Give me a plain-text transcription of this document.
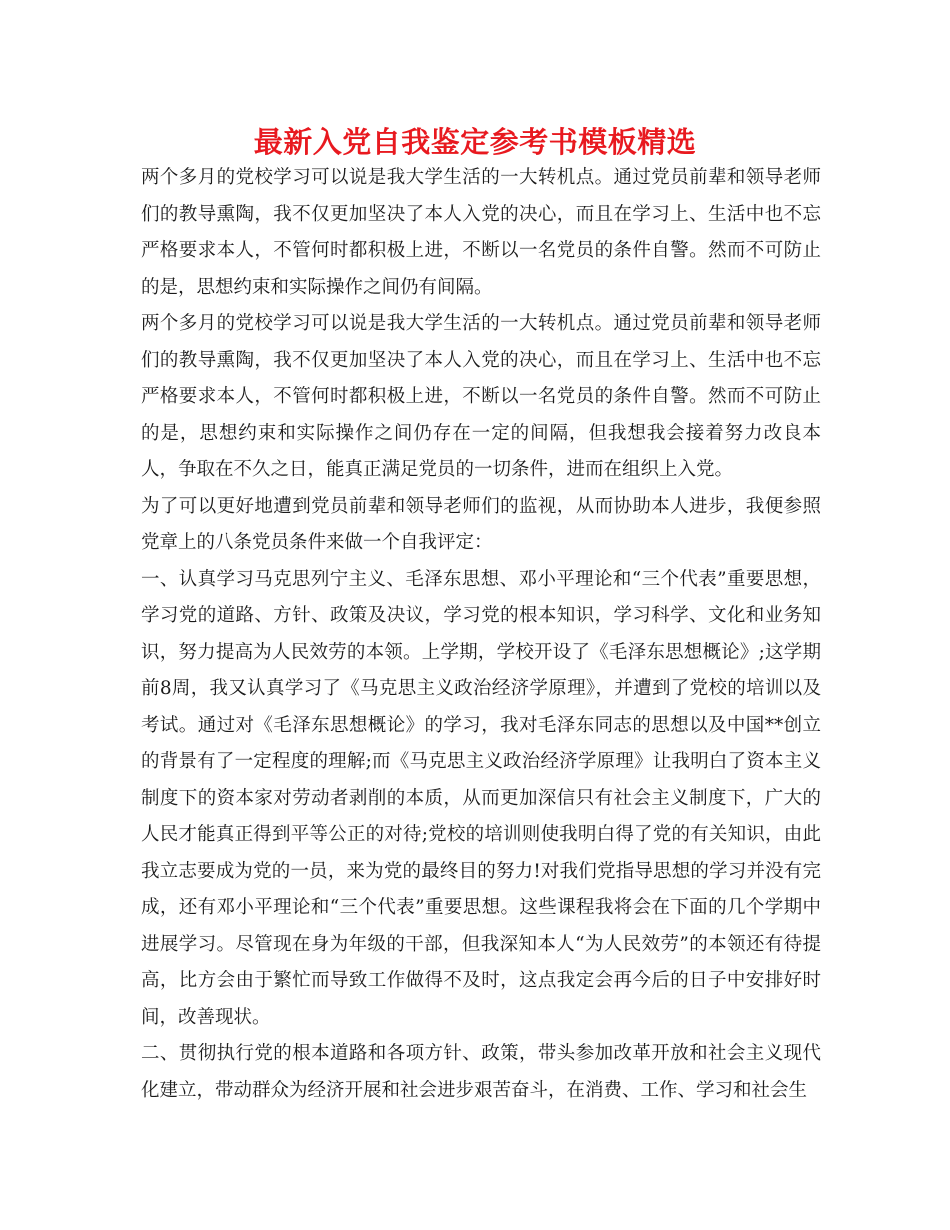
最新入党自我鉴定参考书模板精选

两个多月的党校学习可以说是我大学生活的一大转机点。通过党员前辈和领导老师们的教导熏陶，我不仅更加坚决了本人入党的决心，而且在学习上、生活中也不忘严格要求本人，不管何时都积极上进，不断以一名党员的条件自警。然而不可防止的是，思想约束和实际操作之间仍有间隔。

两个多月的党校学习可以说是我大学生活的一大转机点。通过党员前辈和领导老师们的教导熏陶，我不仅更加坚决了本人入党的决心，而且在学习上、生活中也不忘严格要求本人，不管何时都积极上进，不断以一名党员的条件自警。然而不可防止的是，思想约束和实际操作之间仍存在一定的间隔，但我想我会接着努力改良本人，争取在不久之日，能真正满足党员的一切条件，进而在组织上入党。

为了可以更好地遭到党员前辈和领导老师们的监视，从而协助本人进步，我便参照党章上的八条党员条件来做一个自我评定：

一、认真学习马克思列宁主义、毛泽东思想、邓小平理论和“三个代表”重要思想，学习党的道路、方针、政策及决议，学习党的根本知识，学习科学、文化和业务知识，努力提高为人民效劳的本领。上学期，学校开设了《毛泽东思想概论》;这学期前8周，我又认真学习了《马克思主义政治经济学原理》，并遭到了党校的培训以及考试。通过对《毛泽东思想概论》的学习，我对毛泽东同志的思想以及中国**创立的背景有了一定程度的理解;而《马克思主义政治经济学原理》让我明白了资本主义制度下的资本家对劳动者剥削的本质，从而更加深信只有社会主义制度下，广大的人民才能真正得到平等公正的对待;党校的培训则使我明白得了党的有关知识，由此我立志要成为党的一员，来为党的最终目的努力!对我们党指导思想的学习并没有完成，还有邓小平理论和“三个代表”重要思想。这些课程我将会在下面的几个学期中进展学习。尽管现在身为年级的干部，但我深知本人“为人民效劳”的本领还有待提高，比方会由于繁忙而导致工作做得不及时，这点我定会再今后的日子中安排好时间，改善现状。

二、贯彻执行党的根本道路和各项方针、政策，带头参加改革开放和社会主义现代化建立，带动群众为经济开展和社会进步艰苦奋斗，在消费、工作、学习和社会生
